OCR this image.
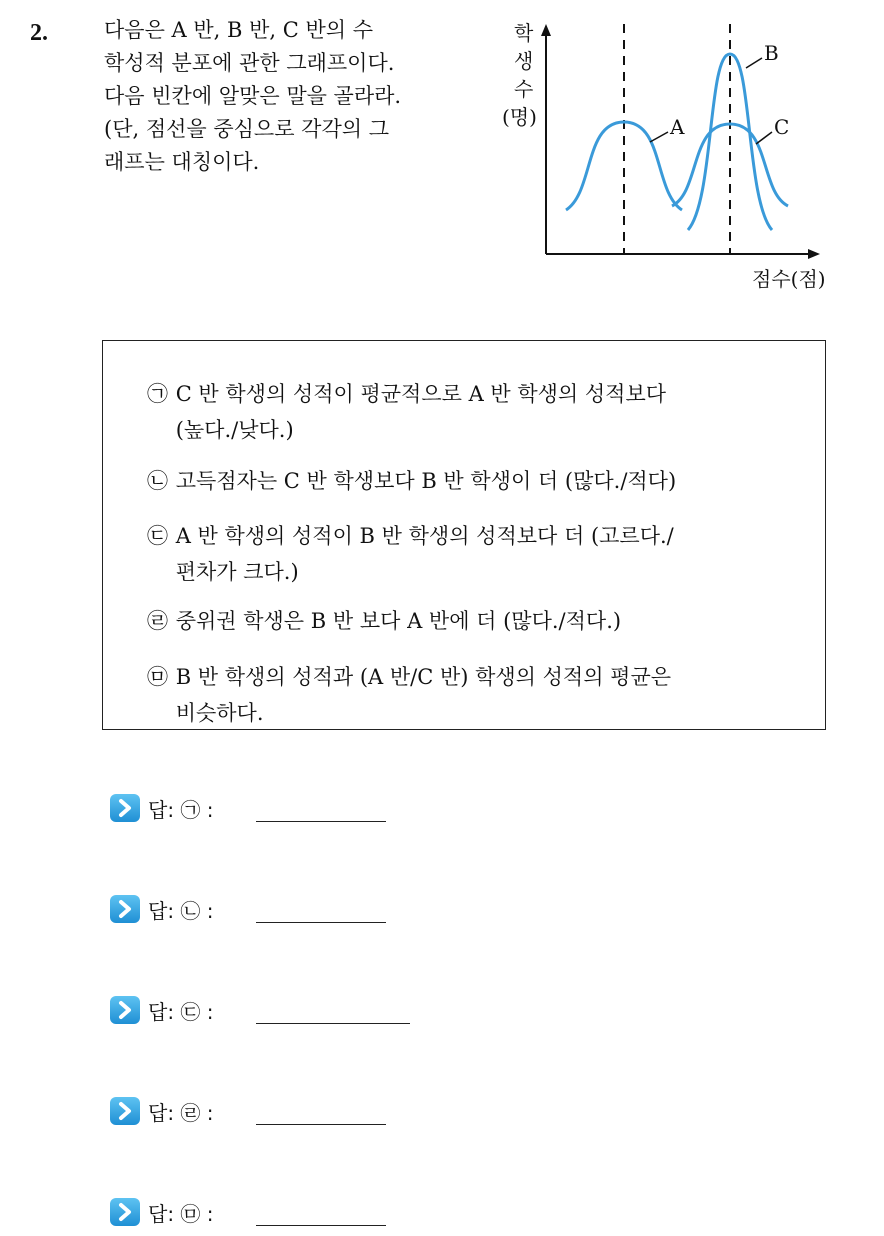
2.	다음은 A 반, B 반, C 반의 수
학성적 분포에 관한 그래프이다.
다음 빈칸에 알맞은 말을 골라라.
(단, 점선을 중심으로 각각의 그
래프는 대칭이다.
학
생
수
(명)
점수(점)
A
B
C
㉠ C 반 학생의 성적이 평균적으로 A 반 학생의 성적보다
(높다./낮다.)
㉡ 고득점자는 C 반 학생보다 B 반 학생이 더 (많다./적다)
㉢ A 반 학생의 성적이 B 반 학생의 성적보다 더 (고르다./
편차가 크다.)
㉣ 중위권 학생은 B 반 보다 A 반에 더 (많다./적다.)
㉤ B 반 학생의 성적과 (A 반/C 반) 학생의 성적의 평균은
비슷하다.
답: ㉠ :
답: ㉡ :
답: ㉢ :
답: ㉣ :
답: ㉤ :
